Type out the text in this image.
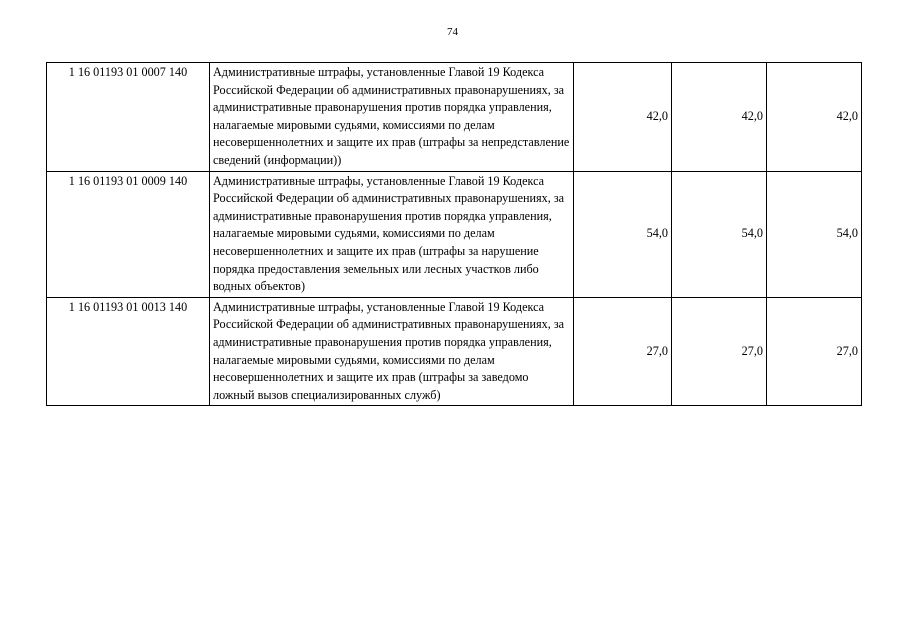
74
1 16 01193 01 0007 140	Административные штрафы, установленные Главой 19 Кодекса Российской Федерации об административных правонарушениях, за административные правонарушения против порядка управления, налагаемые мировыми судьями, комиссиями по делам несовершеннолетних и защите их прав (штрафы за непредставление сведений (информации))	42,0	42,0	42,0
1 16 01193 01 0009 140	Административные штрафы, установленные Главой 19 Кодекса Российской Федерации об административных правонарушениях, за административные правонарушения против порядка управления, налагаемые мировыми судьями, комиссиями по делам несовершеннолетних и защите их прав (штрафы за нарушение порядка предоставления земельных или лесных участков либо водных объектов)	54,0	54,0	54,0
1 16 01193 01 0013 140	Административные штрафы, установленные Главой 19 Кодекса Российской Федерации об административных правонарушениях, за административные правонарушения против порядка управления, налагаемые мировыми судьями, комиссиями по делам несовершеннолетних и защите их прав (штрафы за заведомо ложный вызов специализированных служб)	27,0	27,0	27,0
